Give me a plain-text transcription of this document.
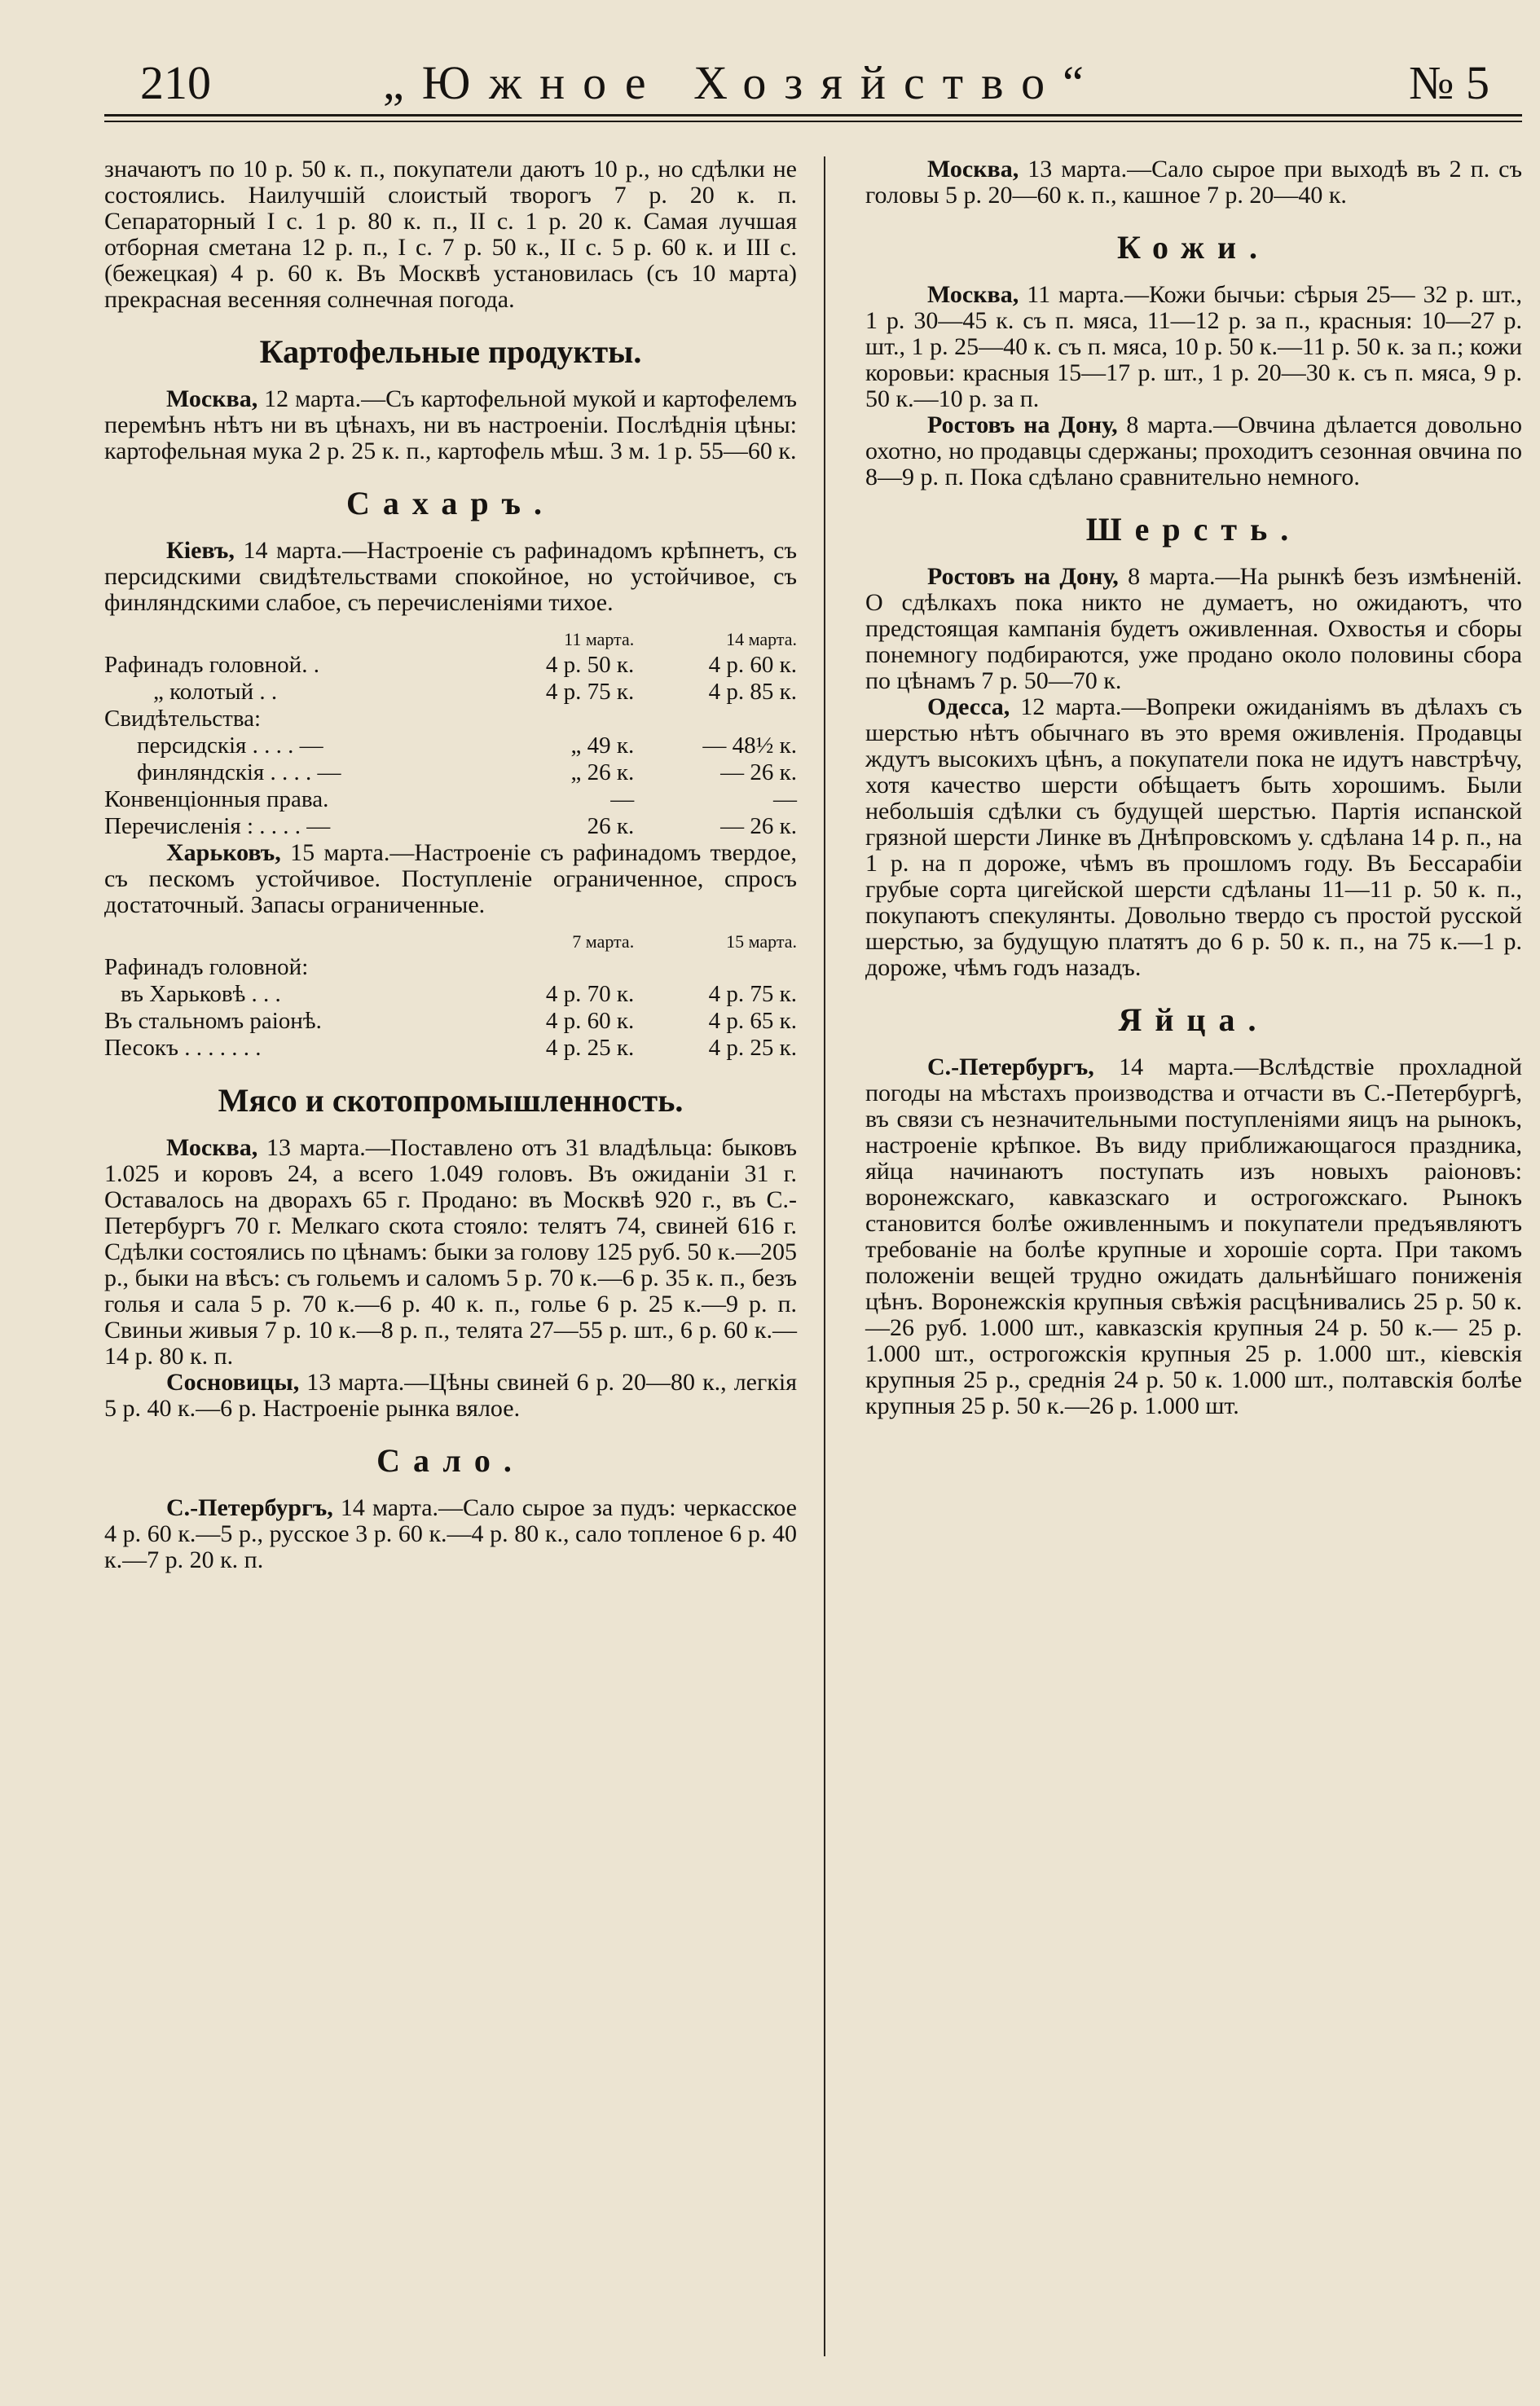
210	„Южное Хозяйство“	№ 5

значаютъ по 10 р. 50 к. п., покупатели даютъ 10 р., но сдѣлки не состоялись. Наилучшій слоистый творогъ 7 р. 20 к. п. Сепараторный I с. 1 р. 80 к. п., II с. 1 р. 20 к. Самая лучшая отборная сметана 12 р. п., I с. 7 р. 50 к., II с. 5 р. 60 к. и III с. (бежецкая) 4 р. 60 к. Въ Москвѣ установилась (съ 10 марта) прекрасная весенняя солнечная погода.

Картофельные продукты.

Москва, 12 марта.—Съ картофельной мукой и картофелемъ перемѣнъ нѣтъ ни въ цѣнахъ, ни въ настроеніи. Послѣднія цѣны: картофельная мука 2 р. 25 к. п., картофель мѣш. 3 м. 1 р. 55—60 к.

Сахаръ.

Кіевъ, 14 марта.—Настроеніе съ рафинадомъ крѣпнетъ, съ персидскими свидѣтельствами спокойное, но устойчивое, съ финляндскими слабое, съ перечисленіями тихое.

	11 марта.	14 марта.
Рафинадъ головной. .	4 р. 50 к.	4 р. 60 к.
„ колотый . .	4 р. 75 к.	4 р. 85 к.
Свидѣтельства:		
персидскія . . . . —	„ 49 к.	— 48½ к.
финляндскія . . . . —	„ 26 к.	— 26 к.
Конвенціонныя права.	—	—
Перечисленія : . . . . —	26 к.	— 26 к.

Харьковъ, 15 марта.—Настроеніе съ рафинадомъ твердое, съ пескомъ устойчивое. Поступленіе ограниченное, спросъ достаточный. Запасы ограниченные.

	7 марта.	15 марта.
Рафинадъ головной:		
въ Харьковѣ . . .	4 р. 70 к.	4 р. 75 к.
Въ стальномъ раіонѣ.	4 р. 60 к.	4 р. 65 к.
Песокъ . . . . . . .	4 р. 25 к.	4 р. 25 к.
Мясо и скотопромышленность.

Москва, 13 марта.—Поставлено отъ 31 владѣльца: быковъ 1.025 и коровъ 24, а всего 1.049 головъ. Въ ожиданіи 31 г. Оставалось на дворахъ 65 г. Продано: въ Москвѣ 920 г., въ С.-Петербургъ 70 г. Мелкаго скота стояло: телятъ 74, свиней 616 г. Сдѣлки состоялись по цѣнамъ: быки за голову 125 руб. 50 к.—205 р., быки на вѣсъ: съ гольемъ и саломъ 5 р. 70 к.—6 р. 35 к. п., безъ голья и сала 5 р. 70 к.—6 р. 40 к. п., голье 6 р. 25 к.—9 р. п. Свиньи живыя 7 р. 10 к.—8 р. п., телята 27—55 р. шт., 6 р. 60 к.—14 р. 80 к. п.

Сосновицы, 13 марта.—Цѣны свиней 6 р. 20—80 к., легкія 5 р. 40 к.—6 р. Настроеніе рынка вялое.

Сало.

С.-Петербургъ, 14 марта.—Сало сырое за пудъ: черкасское 4 р. 60 к.—5 р., русское 3 р. 60 к.—4 р. 80 к., сало топленое 6 р. 40 к.—7 р. 20 к. п.

Москва, 13 марта.—Сало сырое при выходѣ въ 2 п. съ головы 5 р. 20—60 к. п., кашное 7 р. 20—40 к.

Кожи.

Москва, 11 марта.—Кожи бычьи: сѣрыя 25— 32 р. шт., 1 р. 30—45 к. съ п. мяса, 11—12 р. за п., красныя: 10—27 р. шт., 1 р. 25—40 к. съ п. мяса, 10 р. 50 к.—11 р. 50 к. за п.; кожи коровьи: красныя 15—17 р. шт., 1 р. 20—30 к. съ п. мяса, 9 р. 50 к.—10 р. за п.

Ростовъ на Дону, 8 марта.—Овчина дѣлается довольно охотно, но продавцы сдержаны; проходитъ сезонная овчина по 8—9 р. п. Пока сдѣлано сравнительно немного.

Шерсть.

Ростовъ на Дону, 8 марта.—На рынкѣ безъ измѣненій. О сдѣлкахъ пока никто не думаетъ, но ожидаютъ, что предстоящая кампанія будетъ оживленная. Охвостья и сборы понемногу подбираются, уже продано около половины сбора по цѣнамъ 7 р. 50—70 к.

Одесса, 12 марта.—Вопреки ожиданіямъ въ дѣлахъ съ шерстью нѣтъ обычнаго въ это время оживленія. Продавцы ждутъ высокихъ цѣнъ, а покупатели пока не идутъ навстрѣчу, хотя качество шерсти обѣщаетъ быть хорошимъ. Были небольшія сдѣлки съ будущей шерстью. Партія испанской грязной шерсти Линке въ Днѣпровскомъ у. сдѣлана 14 р. п., на 1 р. на п дороже, чѣмъ въ прошломъ году. Въ Бессарабіи грубые сорта цигейской шерсти сдѣланы 11—11 р. 50 к. п., покупаютъ спекулянты. Довольно твердо съ простой русской шерстью, за будущую платятъ до 6 р. 50 к. п., на 75 к.—1 р. дороже, чѣмъ годъ назадъ.

Яйца.

С.-Петербургъ, 14 марта.—Вслѣдствіе прохладной погоды на мѣстахъ производства и отчасти въ С.-Петербургѣ, въ связи съ незначительными поступленіями яицъ на рынокъ, настроеніе крѣпкое. Въ виду приближающагося праздника, яйца начинаютъ поступать изъ новыхъ раіоновъ: воронежскаго, кавказскаго и острогожскаго. Рынокъ становится болѣе оживленнымъ и покупатели предъявляютъ требованіе на болѣе крупные и хорошіе сорта. При такомъ положеніи вещей трудно ожидать дальнѣйшаго пониженія цѣнъ. Воронежскія крупныя свѣжія расцѣнивались 25 р. 50 к.—26 руб. 1.000 шт., кавказскія крупныя 24 р. 50 к.— 25 р. 1.000 шт., острогожскія крупныя 25 р. 1.000 шт., кіевскія крупныя 25 р., среднія 24 р. 50 к. 1.000 шт., полтавскія болѣе крупныя 25 р. 50 к.—26 р. 1.000 шт.
